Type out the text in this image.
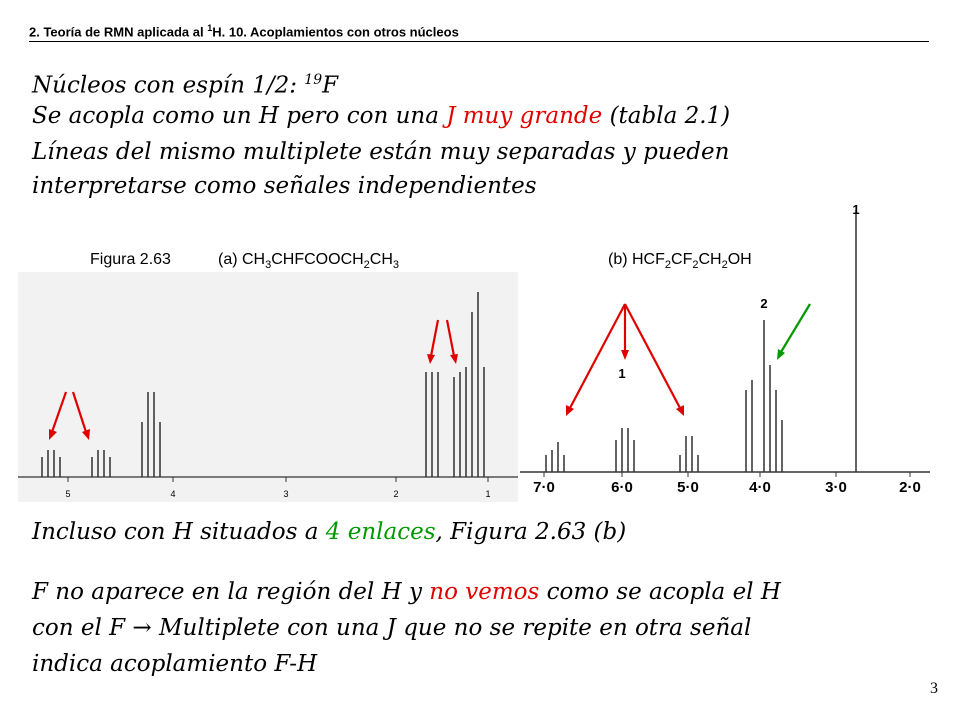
2. Teoría de RMN aplicada al $^1$H. 10. Acoplamientos con otros núcleos
Núcleos con espín 1/2: $^{19}$F
Se acopla como un H pero con una J muy grande (tabla 2.1)
Líneas del mismo multiplete están muy separadas y pueden
interpretarse como señales independientes
Figura 2.63	(a) $CH_3CHFCOOCH_2CH_3$	(b) $HCF_2CF_2CH_2OH$
5	4	3	2	1	7·0	6·0	5·0	4·0	3·0	2·0
1
2
1
Incluso con H situados a 4 enlaces, Figura 2.63 (b)
F no aparece en la región del H y no vemos como se acopla el H
con el F → Multiplete con una J que no se repite en otra señal
indica acoplamiento F-H
3
